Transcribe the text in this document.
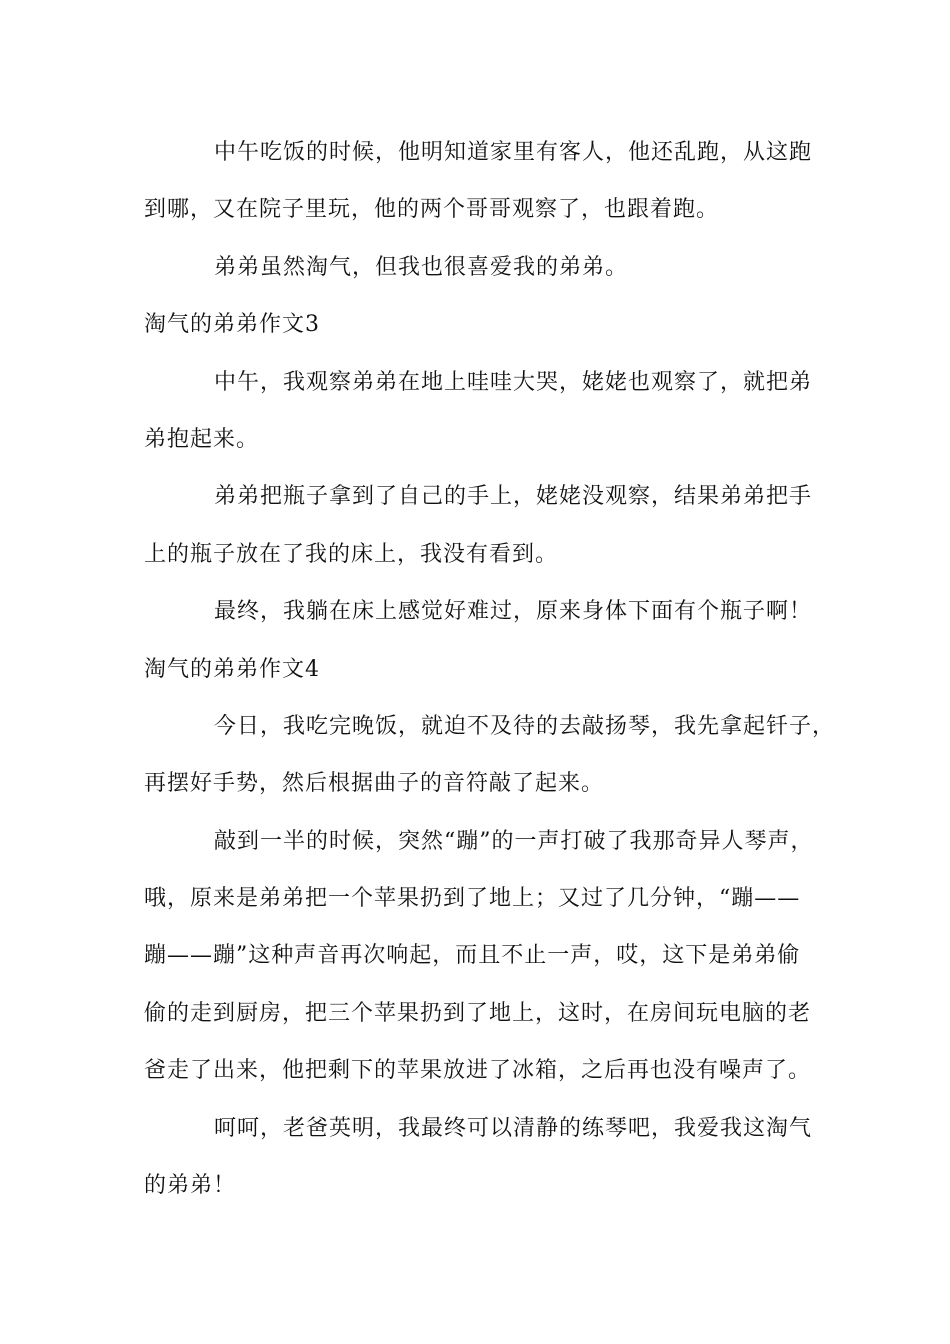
中午吃饭的时候，他明知道家里有客人，他还乱跑，从这跑
到哪，又在院子里玩，他的两个哥哥观察了，也跟着跑。
弟弟虽然淘气，但我也很喜爱我的弟弟。
淘气的弟弟作文3
中午，我观察弟弟在地上哇哇大哭，姥姥也观察了，就把弟
弟抱起来。
弟弟把瓶子拿到了自己的手上，姥姥没观察，结果弟弟把手
上的瓶子放在了我的床上，我没有看到。
最终，我躺在床上感觉好难过，原来身体下面有个瓶子啊！
淘气的弟弟作文4
今日，我吃完晚饭，就迫不及待的去敲扬琴，我先拿起钎子，
再摆好手势，然后根据曲子的音符敲了起来。
敲到一半的时候，突然“蹦”的一声打破了我那奇异人琴声，
哦，原来是弟弟把一个苹果扔到了地上；又过了几分钟，“蹦——
蹦——蹦”这种声音再次响起，而且不止一声，哎，这下是弟弟偷
偷的走到厨房，把三个苹果扔到了地上，这时，在房间玩电脑的老
爸走了出来，他把剩下的苹果放进了冰箱，之后再也没有噪声了。
呵呵，老爸英明，我最终可以清静的练琴吧，我爱我这淘气
的弟弟！
